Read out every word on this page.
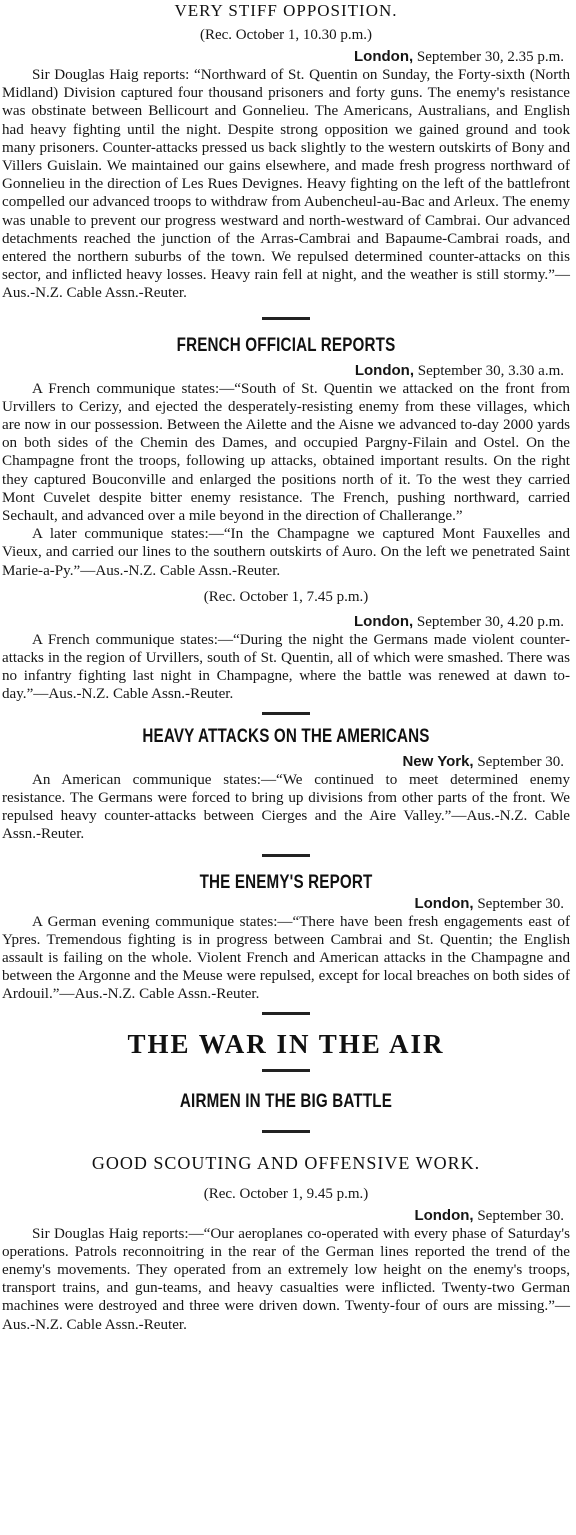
VERY STIFF OPPOSITION.
(Rec. October 1, 10.30 p.m.)
London, September 30, 2.35 p.m.

Sir Douglas Haig reports: “Northward of St. Quentin on Sunday, the Forty-sixth (North Midland) Division captured four thousand prisoners and forty guns. The enemy's resistance was obstinate between Bellicourt and Gonnelieu. The Americans, Australians, and English had heavy fighting until the night. Despite strong opposition we gained ground and took many prisoners. Counter-attacks pressed us back slightly to the western outskirts of Bony and Villers Guislain. We maintained our gains elsewhere, and made fresh progress northward of Gonnelieu in the direction of Les Rues Devignes. Heavy fighting on the left of the battlefront compelled our advanced troops to withdraw from Aubencheul-au-Bac and Arleux. The enemy was unable to prevent our progress westward and north-westward of Cambrai. Our advanced detachments reached the junction of the Arras-Cambrai and Bapaume-Cambrai roads, and entered the northern suburbs of the town. We repulsed determined counter-attacks on this sector, and inflicted heavy losses. Heavy rain fell at night, and the weather is still stormy.”—Aus.-N.Z. Cable Assn.-Reuter.

FRENCH OFFICIAL REPORTS
London, September 30, 3.30 a.m.

A French communique states:—“South of St. Quentin we attacked on the front from Urvillers to Cerizy, and ejected the desperately-resisting enemy from these villages, which are now in our possession. Between the Ailette and the Aisne we advanced to-day 2000 yards on both sides of the Chemin des Dames, and occupied Pargny-Filain and Ostel. On the Champagne front the troops, following up attacks, obtained important results. On the right they captured Bouconville and enlarged the positions north of it. To the west they carried Mont Cuvelet despite bitter enemy resistance. The French, pushing northward, carried Sechault, and advanced over a mile beyond in the direction of Challerange.”

A later communique states:—“In the Champagne we captured Mont Fauxelles and Vieux, and carried our lines to the southern outskirts of Auro. On the left we penetrated Saint Marie-a-Py.”—Aus.-N.Z. Cable Assn.-Reuter.

(Rec. October 1, 7.45 p.m.)
London, September 30, 4.20 p.m.

A French communique states:—“During the night the Germans made violent counter-attacks in the region of Urvillers, south of St. Quentin, all of which were smashed. There was no infantry fighting last night in Champagne, where the battle was renewed at dawn to-day.”—Aus.-N.Z. Cable Assn.-Reuter.

HEAVY ATTACKS ON THE AMERICANS
New York, September 30.

An American communique states:—“We continued to meet determined enemy resistance. The Germans were forced to bring up divisions from other parts of the front. We repulsed heavy counter-attacks between Cierges and the Aire Valley.”—Aus.-N.Z. Cable Assn.-Reuter.

THE ENEMY'S REPORT
London, September 30.

A German evening communique states:—“There have been fresh engagements east of Ypres. Tremendous fighting is in progress between Cambrai and St. Quentin; the English assault is failing on the whole. Violent French and American attacks in the Champagne and between the Argonne and the Meuse were repulsed, except for local breaches on both sides of Ardouil.”—Aus.-N.Z. Cable Assn.-Reuter.

THE WAR IN THE AIR
AIRMEN IN THE BIG BATTLE
GOOD SCOUTING AND OFFENSIVE WORK.
(Rec. October 1, 9.45 p.m.)
London, September 30.

Sir Douglas Haig reports:—“Our aeroplanes co-operated with every phase of Saturday's operations. Patrols reconnoitring in the rear of the German lines reported the trend of the enemy's movements. They operated from an extremely low height on the enemy's troops, transport trains, and gun-teams, and heavy casualties were inflicted. Twenty-two German machines were destroyed and three were driven down. Twenty-four of ours are missing.”—Aus.-N.Z. Cable Assn.-Reuter.
